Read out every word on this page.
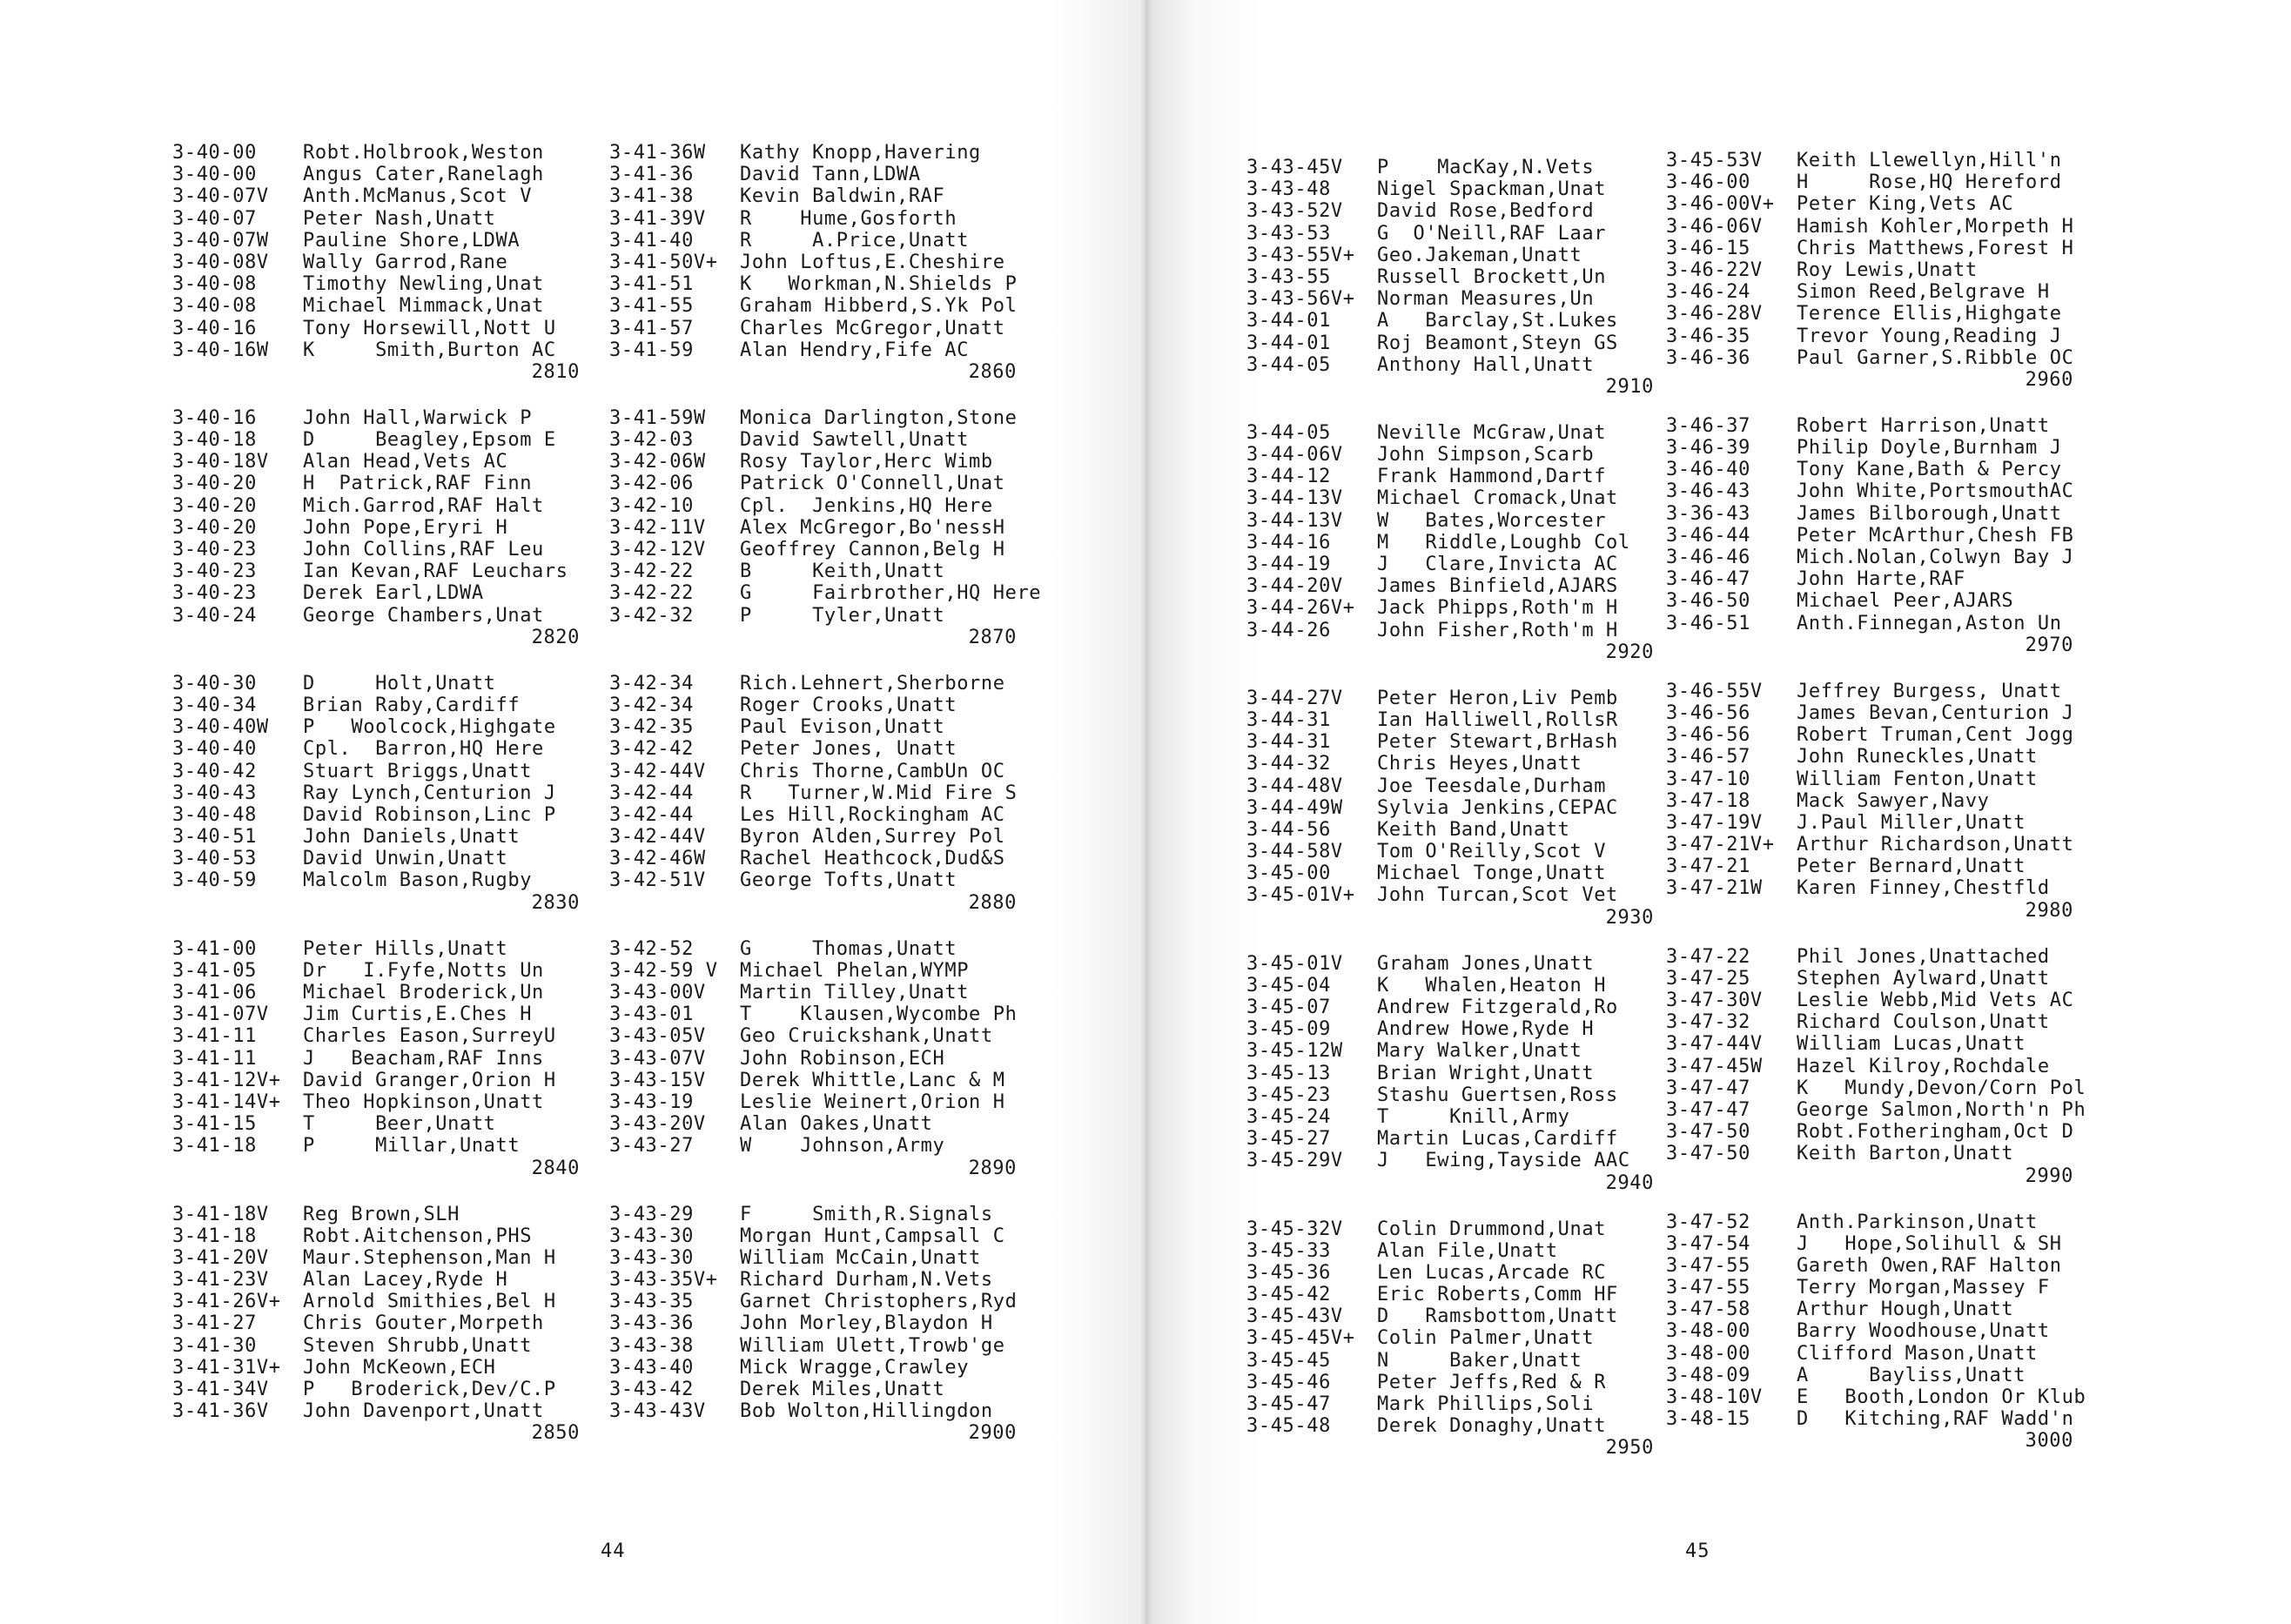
3-40-00 Robt.Holbrook,Weston
3-40-00 Angus Cater,Ranelagh
3-40-07V Anth.McManus,Scot V
3-40-07 Peter Nash,Unatt
3-40-07W Pauline Shore,LDWA
3-40-08V Wally Garrod,Rane
3-40-08 Timothy Newling,Unat
3-40-08 Michael Mimmack,Unat
3-40-16 Tony Horsewill,Nott U
3-40-16W K     Smith,Burton AC
2810
3-40-16 John Hall,Warwick P
3-40-18 D     Beagley,Epsom E
3-40-18V Alan Head,Vets AC
3-40-20 H  Patrick,RAF Finn
3-40-20 Mich.Garrod,RAF Halt
3-40-20 John Pope,Eryri H
3-40-23 John Collins,RAF Leu
3-40-23 Ian Kevan,RAF Leuchars
3-40-23 Derek Earl,LDWA
3-40-24 George Chambers,Unat
2820
3-40-30 D     Holt,Unatt
3-40-34 Brian Raby,Cardiff
3-40-40W P   Woolcock,Highgate
3-40-40 Cpl.  Barron,HQ Here
3-40-42 Stuart Briggs,Unatt
3-40-43 Ray Lynch,Centurion J
3-40-48 David Robinson,Linc P
3-40-51 John Daniels,Unatt
3-40-53 David Unwin,Unatt
3-40-59 Malcolm Bason,Rugby
2830
3-41-00 Peter Hills,Unatt
3-41-05 Dr   I.Fyfe,Notts Un
3-41-06 Michael Broderick,Un
3-41-07V Jim Curtis,E.Ches H
3-41-11 Charles Eason,SurreyU
3-41-11 J   Beacham,RAF Inns
3-41-12V+ David Granger,Orion H
3-41-14V+ Theo Hopkinson,Unatt
3-41-15 T     Beer,Unatt
3-41-18 P     Millar,Unatt
2840
3-41-18V Reg Brown,SLH
3-41-18 Robt.Aitchenson,PHS
3-41-20V Maur.Stephenson,Man H
3-41-23V Alan Lacey,Ryde H
3-41-26V+ Arnold Smithies,Bel H
3-41-27 Chris Gouter,Morpeth
3-41-30 Steven Shrubb,Unatt
3-41-31V+ John McKeown,ECH
3-41-34V P   Broderick,Dev/C.P
3-41-36V John Davenport,Unatt
2850
3-41-36W Kathy Knopp,Havering
3-41-36 David Tann,LDWA
3-41-38 Kevin Baldwin,RAF
3-41-39V R    Hume,Gosforth
3-41-40 R     A.Price,Unatt
3-41-50V+ John Loftus,E.Cheshire
3-41-51 K   Workman,N.Shields P
3-41-55 Graham Hibberd,S.Yk Pol
3-41-57 Charles McGregor,Unatt
3-41-59 Alan Hendry,Fife AC
2860
3-41-59W Monica Darlington,Stone
3-42-03 David Sawtell,Unatt
3-42-06W Rosy Taylor,Herc Wimb
3-42-06 Patrick O'Connell,Unat
3-42-10 Cpl.  Jenkins,HQ Here
3-42-11V Alex McGregor,Bo'nessH
3-42-12V Geoffrey Cannon,Belg H
3-42-22 B     Keith,Unatt
3-42-22 G     Fairbrother,HQ Here
3-42-32 P     Tyler,Unatt
2870
3-42-34 Rich.Lehnert,Sherborne
3-42-34 Roger Crooks,Unatt
3-42-35 Paul Evison,Unatt
3-42-42 Peter Jones, Unatt
3-42-44V Chris Thorne,CambUn OC
3-42-44 R   Turner,W.Mid Fire S
3-42-44 Les Hill,Rockingham AC
3-42-44V Byron Alden,Surrey Pol
3-42-46W Rachel Heathcock,Dud&S
3-42-51V George Tofts,Unatt
2880
3-42-52 G     Thomas,Unatt
3-42-59 V Michael Phelan,WYMP
3-43-00V Martin Tilley,Unatt
3-43-01 T    Klausen,Wycombe Ph
3-43-05V Geo Cruickshank,Unatt
3-43-07V John Robinson,ECH
3-43-15V Derek Whittle,Lanc & M
3-43-19 Leslie Weinert,Orion H
3-43-20V Alan Oakes,Unatt
3-43-27 W    Johnson,Army
2890
3-43-29 F     Smith,R.Signals
3-43-30 Morgan Hunt,Campsall C
3-43-30 William McCain,Unatt
3-43-35V+ Richard Durham,N.Vets
3-43-35 Garnet Christophers,Ryd
3-43-36 John Morley,Blaydon H
3-43-38 William Ulett,Trowb'ge
3-43-40 Mick Wragge,Crawley
3-43-42 Derek Miles,Unatt
3-43-43V Bob Wolton,Hillingdon
2900
44
3-43-45V P    MacKay,N.Vets
3-43-48 Nigel Spackman,Unat
3-43-52V David Rose,Bedford
3-43-53 G  O'Neill,RAF Laar
3-43-55V+ Geo.Jakeman,Unatt
3-43-55 Russell Brockett,Un
3-43-56V+ Norman Measures,Un
3-44-01 A   Barclay,St.Lukes
3-44-01 Roj Beamont,Steyn GS
3-44-05 Anthony Hall,Unatt
2910
3-44-05 Neville McGraw,Unat
3-44-06V John Simpson,Scarb
3-44-12 Frank Hammond,Dartf
3-44-13V Michael Cromack,Unat
3-44-13V W   Bates,Worcester
3-44-16 M   Riddle,Loughb Col
3-44-19 J   Clare,Invicta AC
3-44-20V James Binfield,AJARS
3-44-26V+ Jack Phipps,Roth'm H
3-44-26 John Fisher,Roth'm H
2920
3-44-27V Peter Heron,Liv Pemb
3-44-31 Ian Halliwell,RollsR
3-44-31 Peter Stewart,BrHash
3-44-32 Chris Heyes,Unatt
3-44-48V Joe Teesdale,Durham
3-44-49W Sylvia Jenkins,CEPAC
3-44-56 Keith Band,Unatt
3-44-58V Tom O'Reilly,Scot V
3-45-00 Michael Tonge,Unatt
3-45-01V+ John Turcan,Scot Vet
2930
3-45-01V Graham Jones,Unatt
3-45-04 K   Whalen,Heaton H
3-45-07 Andrew Fitzgerald,Ro
3-45-09 Andrew Howe,Ryde H
3-45-12W Mary Walker,Unatt
3-45-13 Brian Wright,Unatt
3-45-23 Stashu Guertsen,Ross
3-45-24 T     Knill,Army
3-45-27 Martin Lucas,Cardiff
3-45-29V J   Ewing,Tayside AAC
2940
3-45-32V Colin Drummond,Unat
3-45-33 Alan File,Unatt
3-45-36 Len Lucas,Arcade RC
3-45-42 Eric Roberts,Comm HF
3-45-43V D   Ramsbottom,Unatt
3-45-45V+ Colin Palmer,Unatt
3-45-45 N     Baker,Unatt
3-45-46 Peter Jeffs,Red & R
3-45-47 Mark Phillips,Soli
3-45-48 Derek Donaghy,Unatt
2950
3-45-53V Keith Llewellyn,Hill'n
3-46-00 H     Rose,HQ Hereford
3-46-00V+ Peter King,Vets AC
3-46-06V Hamish Kohler,Morpeth H
3-46-15 Chris Matthews,Forest H
3-46-22V Roy Lewis,Unatt
3-46-24 Simon Reed,Belgrave H
3-46-28V Terence Ellis,Highgate
3-46-35 Trevor Young,Reading J
3-46-36 Paul Garner,S.Ribble OC
2960
3-46-37 Robert Harrison,Unatt
3-46-39 Philip Doyle,Burnham J
3-46-40 Tony Kane,Bath & Percy
3-46-43 John White,PortsmouthAC
3-36-43 James Bilborough,Unatt
3-46-44 Peter McArthur,Chesh FB
3-46-46 Mich.Nolan,Colwyn Bay J
3-46-47 John Harte,RAF
3-46-50 Michael Peer,AJARS
3-46-51 Anth.Finnegan,Aston Un
2970
3-46-55V Jeffrey Burgess, Unatt
3-46-56 James Bevan,Centurion J
3-46-56 Robert Truman,Cent Jogg
3-46-57 John Runeckles,Unatt
3-47-10 William Fenton,Unatt
3-47-18 Mack Sawyer,Navy
3-47-19V J.Paul Miller,Unatt
3-47-21V+ Arthur Richardson,Unatt
3-47-21 Peter Bernard,Unatt
3-47-21W Karen Finney,Chestfld
2980
3-47-22 Phil Jones,Unattached
3-47-25 Stephen Aylward,Unatt
3-47-30V Leslie Webb,Mid Vets AC
3-47-32 Richard Coulson,Unatt
3-47-44V William Lucas,Unatt
3-47-45W Hazel Kilroy,Rochdale
3-47-47 K   Mundy,Devon/Corn Pol
3-47-47 George Salmon,North'n Ph
3-47-50 Robt.Fotheringham,Oct D
3-47-50 Keith Barton,Unatt
2990
3-47-52 Anth.Parkinson,Unatt
3-47-54 J   Hope,Solihull & SH
3-47-55 Gareth Owen,RAF Halton
3-47-55 Terry Morgan,Massey F
3-47-58 Arthur Hough,Unatt
3-48-00 Barry Woodhouse,Unatt
3-48-00 Clifford Mason,Unatt
3-48-09 A     Bayliss,Unatt
3-48-10V E   Booth,London Or Klub
3-48-15 D   Kitching,RAF Wadd'n
3000
45
